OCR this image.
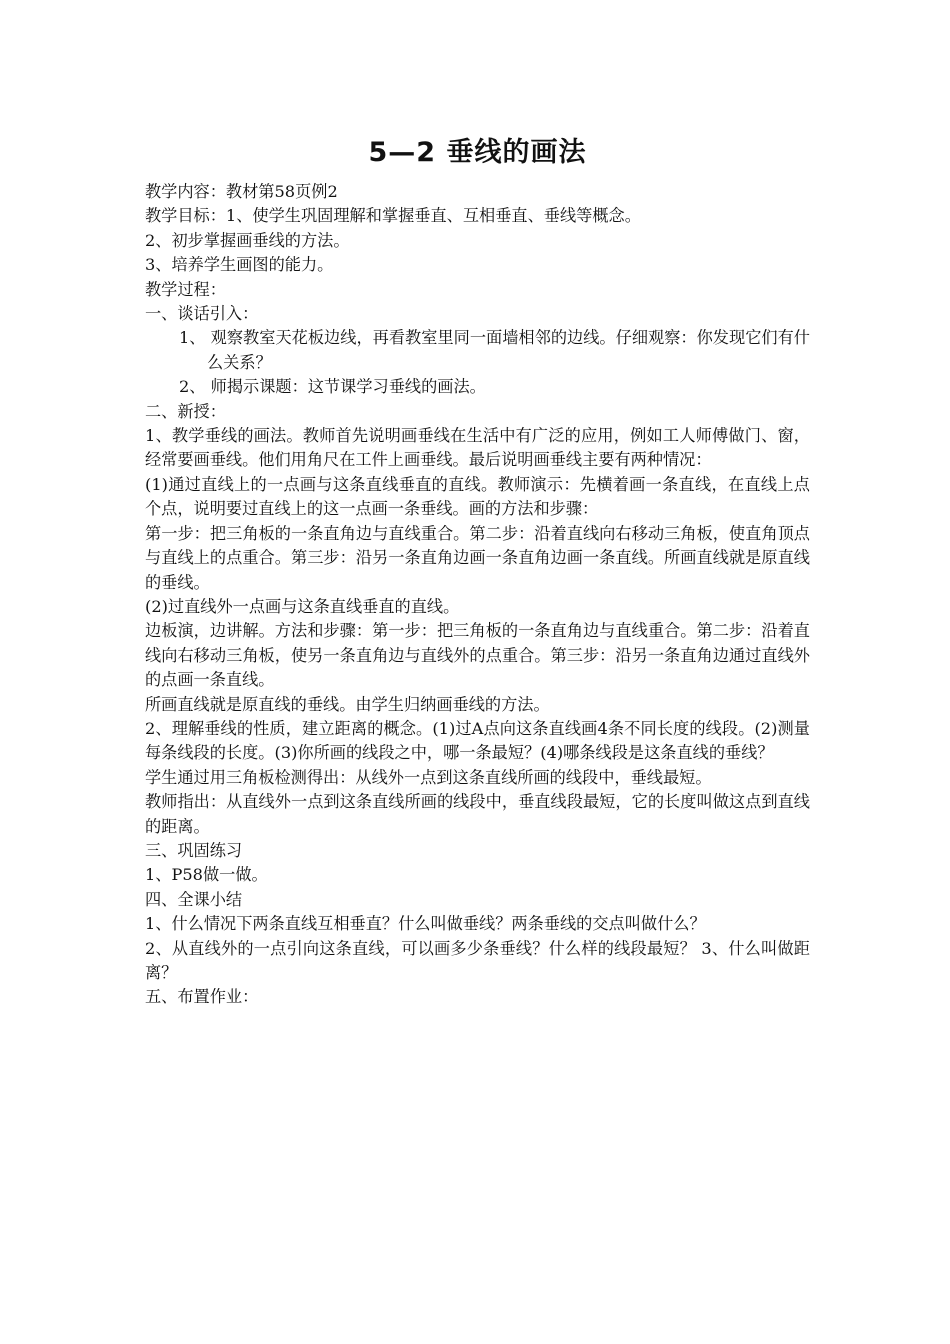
5—2 垂线的画法
教学内容：教材第58页例2
教学目标：1、使学生巩固理解和掌握垂直、互相垂直、垂线等概念。
2、初步掌握画垂线的方法。
3、培养学生画图的能力。
教学过程：
一、谈话引入：
1、 观察教室天花板边线，再看教室里同一面墙相邻的边线。仔细观察：你发现它们有什么关系？
2、 师揭示课题：这节课学习垂线的画法。
二、新授：
1、教学垂线的画法。教师首先说明画垂线在生活中有广泛的应用，例如工人师傅做门、窗，经常要画垂线。他们用角尺在工件上画垂线。最后说明画垂线主要有两种情况：
(1)通过直线上的一点画与这条直线垂直的直线。教师演示：先横着画一条直线，在直线上点个点，说明要过直线上的这一点画一条垂线。画的方法和步骤：
第一步：把三角板的一条直角边与直线重合。第二步：沿着直线向右移动三角板，使直角顶点与直线上的点重合。第三步：沿另一条直角边画一条直角边画一条直线。所画直线就是原直线的垂线。
(2)过直线外一点画与这条直线垂直的直线。
边板演，边讲解。方法和步骤：第一步：把三角板的一条直角边与直线重合。第二步：沿着直线向右移动三角板，使另一条直角边与直线外的点重合。第三步：沿另一条直角边通过直线外的点画一条直线。
所画直线就是原直线的垂线。由学生归纳画垂线的方法。
2、理解垂线的性质，建立距离的概念。(1)过A点向这条直线画4条不同长度的线段。(2)测量每条线段的长度。(3)你所画的线段之中，哪一条最短？(4)哪条线段是这条直线的垂线？
学生通过用三角板检测得出：从线外一点到这条直线所画的线段中，垂线最短。
教师指出：从直线外一点到这条直线所画的线段中，垂直线段最短，它的长度叫做这点到直线的距离。
三、巩固练习
1、P58做一做。
四、全课小结
1、什么情况下两条直线互相垂直？什么叫做垂线？两条垂线的交点叫做什么？
2、从直线外的一点引向这条直线，可以画多少条垂线？什么样的线段最短？ 3、什么叫做距离？
五、布置作业：
